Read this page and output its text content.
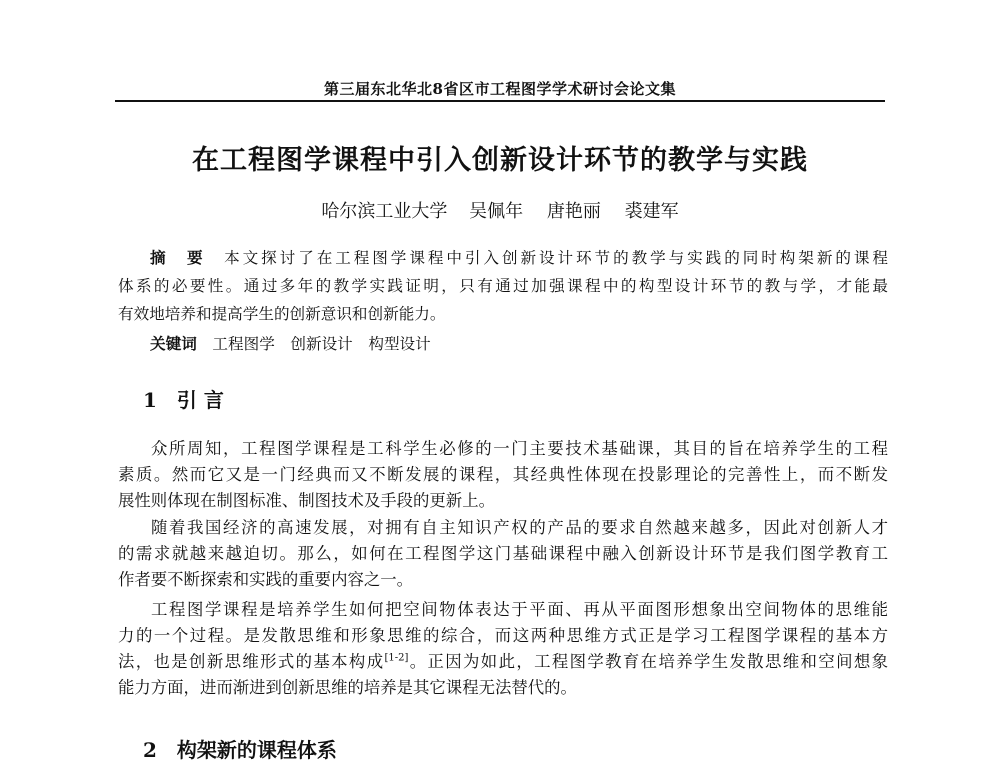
第三届东北华北8省区市工程图学学术研讨会论文集
在工程图学课程中引入创新设计环节的教学与实践
哈尔滨工业大学 吴佩年 唐艳丽 裘建军
摘　要　 本文探讨了在工程图学课程中引入创新设计环节的教学与实践的同时构架新的课程
体系的必要性。通过多年的教学实践证明，只有通过加强课程中的构型设计环节的教与学，才能最
有效地培养和提高学生的创新意识和创新能力。
关键词　 工程图学　创新设计　构型设计
1　引 言
众所周知，工程图学课程是工科学生必修的一门主要技术基础课，其目的旨在培养学生的工程
素质。然而它又是一门经典而又不断发展的课程，其经典性体现在投影理论的完善性上，而不断发
展性则体现在制图标准、制图技术及手段的更新上。
随着我国经济的高速发展，对拥有自主知识产权的产品的要求自然越来越多，因此对创新人才
的需求就越来越迫切。那么，如何在工程图学这门基础课程中融入创新设计环节是我们图学教育工
作者要不断探索和实践的重要内容之一。
工程图学课程是培养学生如何把空间物体表达于平面、再从平面图形想象出空间物体的思维能
力的一个过程。是发散思维和形象思维的综合，而这两种思维方式正是学习工程图学课程的基本方
法，也是创新思维形式的基本构成[1-2]。正因为如此，工程图学教育在培养学生发散思维和空间想象
能力方面，进而渐进到创新思维的培养是其它课程无法替代的。
2　构架新的课程体系
